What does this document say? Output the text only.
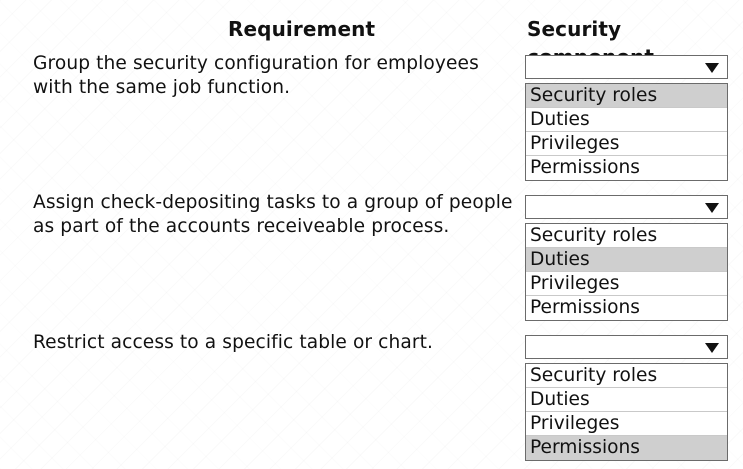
Requirement	Security
Group the security configuration for employees
with the same job function.	Security roles
Duties
Privileges
Permissions
Assign check-depositing tasks to a group of people
as part of the accounts receiveable process.	Security roles
Duties
Privileges
Permissions
Restrict access to a specific table or chart.
Security roles
Duties
Privileges
Permissions
